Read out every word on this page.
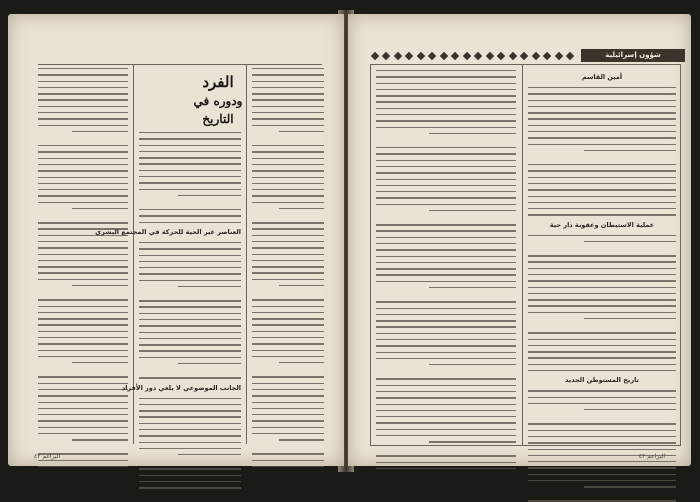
العناصر غير الحية للحركة في المجتمع البشري
الجانب الموضوعي لا يلغي دور الأفراد
الفرد
ودوره في التاريخ
البراعم ٤٢
شؤون إسرائيلية
أمين القاسم
عملية الاستيطان وعقوبة دار حية
تاريخ المستوطن الجديد
البراعم ٤٣
